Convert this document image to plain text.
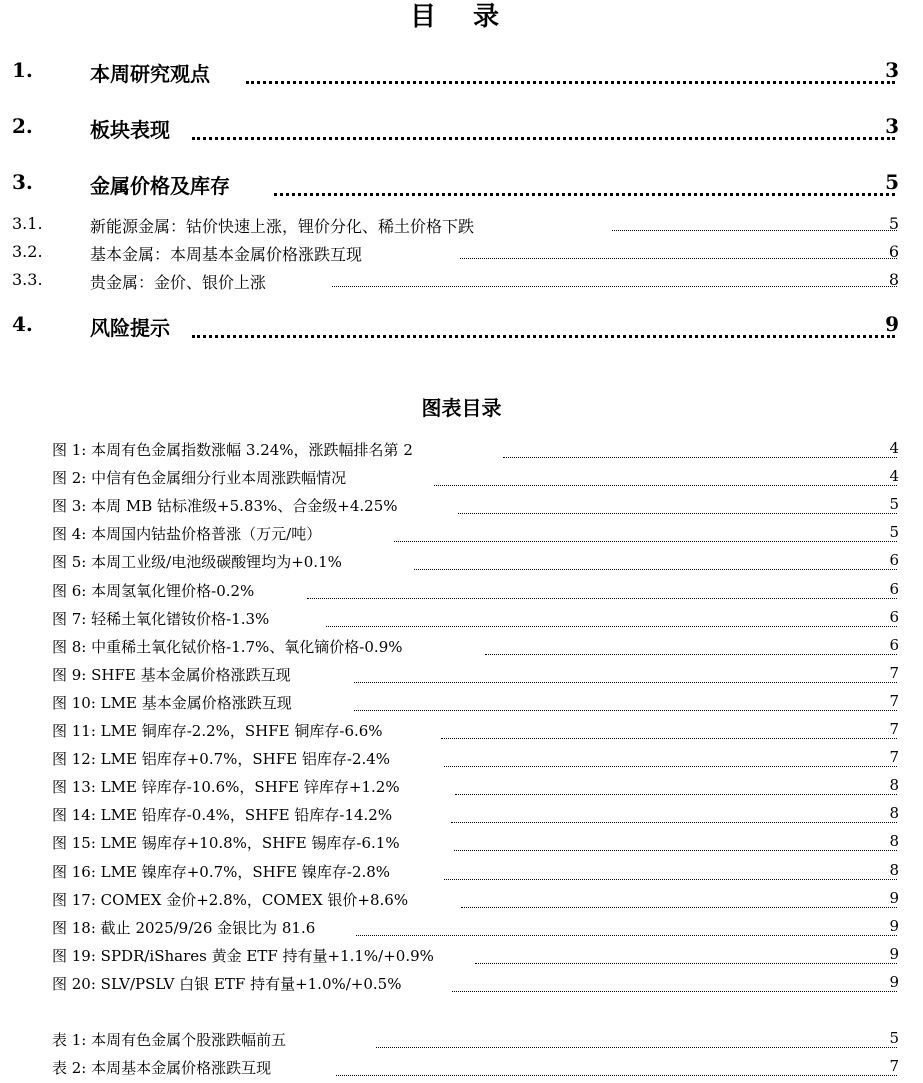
目 录
1.	本周研究观点	3
2.	板块表现	3
3.	金属价格及库存	5
3.1.	新能源金属：钴价快速上涨，锂价分化、稀土价格下跌	5
3.2.	基本金属：本周基本金属价格涨跌互现	6
3.3.	贵金属：金价、银价上涨	8
4.	风险提示	9
图表目录
图 1: 本周有色金属指数涨幅 3.24%，涨跌幅排名第 2	4
图 2: 中信有色金属细分行业本周涨跌幅情况	4
图 3: 本周 MB 钴标准级+5.83%、合金级+4.25%	5
图 4: 本周国内钴盐价格普涨（万元/吨）	5
图 5: 本周工业级/电池级碳酸锂均为+0.1%	6
图 6: 本周氢氧化锂价格-0.2%	6
图 7: 轻稀土氧化镨钕价格-1.3%	6
图 8: 中重稀土氧化铽价格-1.7%、氧化镝价格-0.9%	6
图 9: SHFE 基本金属价格涨跌互现	7
图 10: LME 基本金属价格涨跌互现	7
图 11: LME 铜库存-2.2%，SHFE 铜库存-6.6%	7
图 12: LME 铝库存+0.7%，SHFE 铝库存-2.4%	7
图 13: LME 锌库存-10.6%，SHFE 锌库存+1.2%	8
图 14: LME 铅库存-0.4%，SHFE 铅库存-14.2%	8
图 15: LME 锡库存+10.8%，SHFE 锡库存-6.1%	8
图 16: LME 镍库存+0.7%，SHFE 镍库存-2.8%	8
图 17: COMEX 金价+2.8%，COMEX 银价+8.6%	9
图 18: 截止 2025/9/26 金银比为 81.6	9
图 19: SPDR/iShares 黄金 ETF 持有量+1.1%/+0.9%	9
图 20: SLV/PSLV 白银 ETF 持有量+1.0%/+0.5%	9
表 1: 本周有色金属个股涨跌幅前五	5
表 2: 本周基本金属价格涨跌互现	7
